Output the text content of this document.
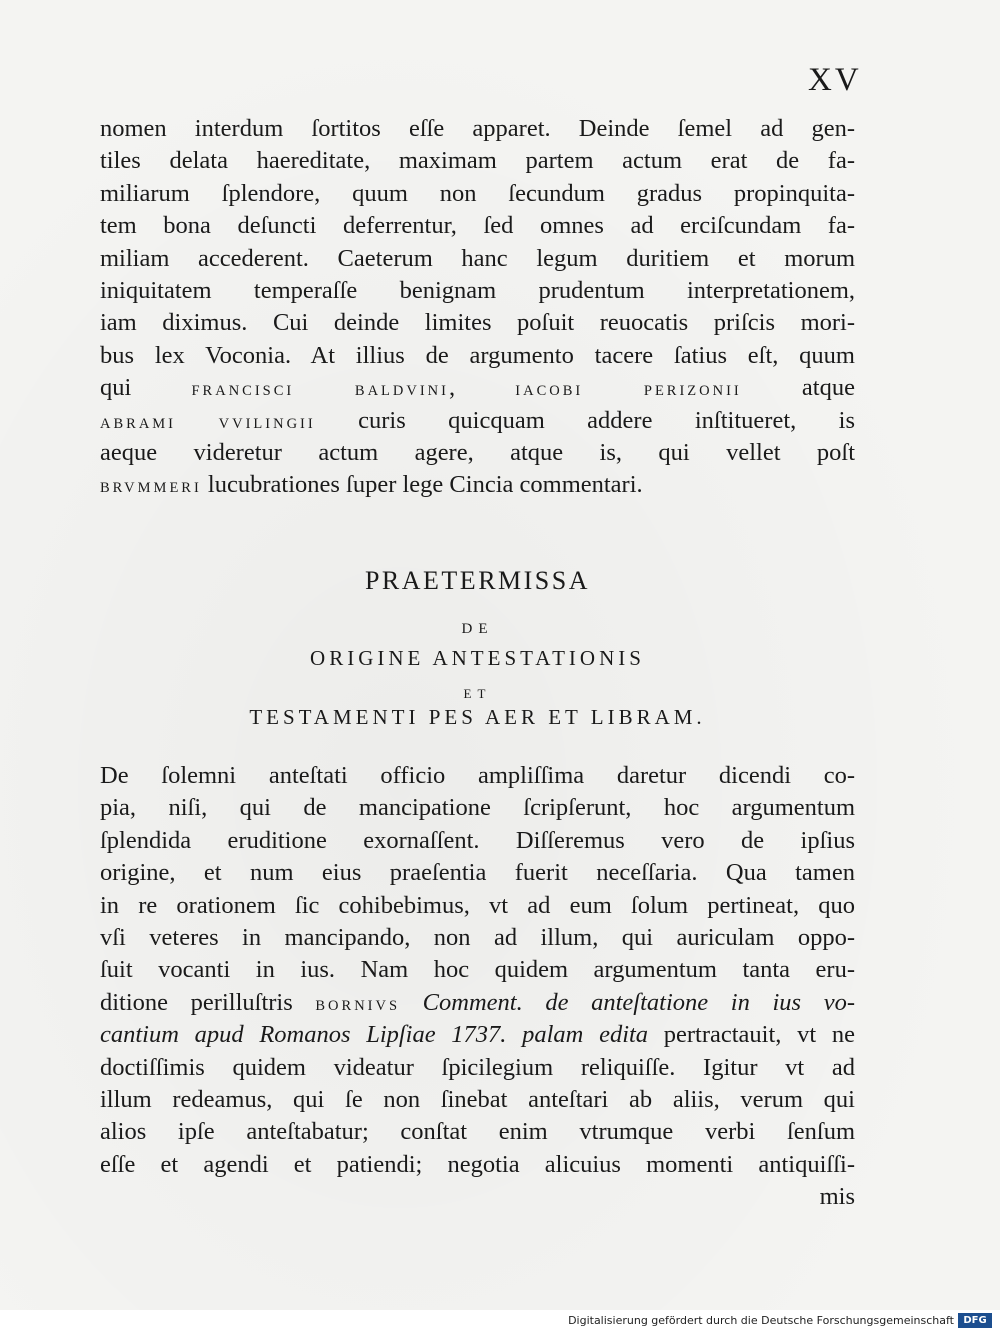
XV
nomen interdum ſortitos eſſe apparet. Deinde ſemel ad gen-
tiles delata haereditate, maximam partem actum erat de fa-
miliarum ſplendore, quum non ſecundum gradus propinquita-
tem bona deſuncti deferrentur, ſed omnes ad erciſcundam fa-
miliam accederent. Caeterum hanc legum duritiem et morum
iniquitatem temperaſſe benignam prudentum interpretationem,
iam diximus. Cui deinde limites poſuit reuocatis priſcis mori-
bus lex Voconia. At illius de argumento tacere ſatius eſt, quum
qui FRANCISCI BALDVINI, IACOBI PERIZONII atque
ABRAMI VVILINGII curis quicquam addere inſtitueret, is
aeque videretur actum agere, atque is, qui vellet poſt
BRVMMERI lucubrationes ſuper lege Cincia commentari.
PRAETERMISSA
DE
ORIGINE ANTESTATIONIS
ET
TESTAMENTI PES AER ET LIBRAM.
De ſolemni anteſtati officio ampliſſima daretur dicendi co-
pia, niſi, qui de mancipatione ſcripſerunt, hoc argumentum
ſplendida eruditione exornaſſent. Diſſeremus vero de ipſius
origine, et num eius praeſentia fuerit neceſſaria. Qua tamen
in re orationem ſic cohibebimus, vt ad eum ſolum pertineat, quo
vſi veteres in mancipando, non ad illum, qui auriculam oppo-
ſuit vocanti in ius. Nam hoc quidem argumentum tanta eru-
ditione perilluſtris BORNIVS Comment. de anteſtatione in ius vo-
cantium apud Romanos Lipſiae 1737. palam edita pertractauit, vt ne
doctiſſimis quidem videatur ſpicilegium reliquiſſe. Igitur vt ad
illum redeamus, qui ſe non ſinebat anteſtari ab aliis, verum qui
alios ipſe anteſtabatur; conſtat enim vtrumque verbi ſenſum
eſſe et agendi et patiendi; negotia alicuius momenti antiquiſſi-
mis
Digitalisierung gefördert durch die Deutsche Forschungsgemeinschaft DFG
